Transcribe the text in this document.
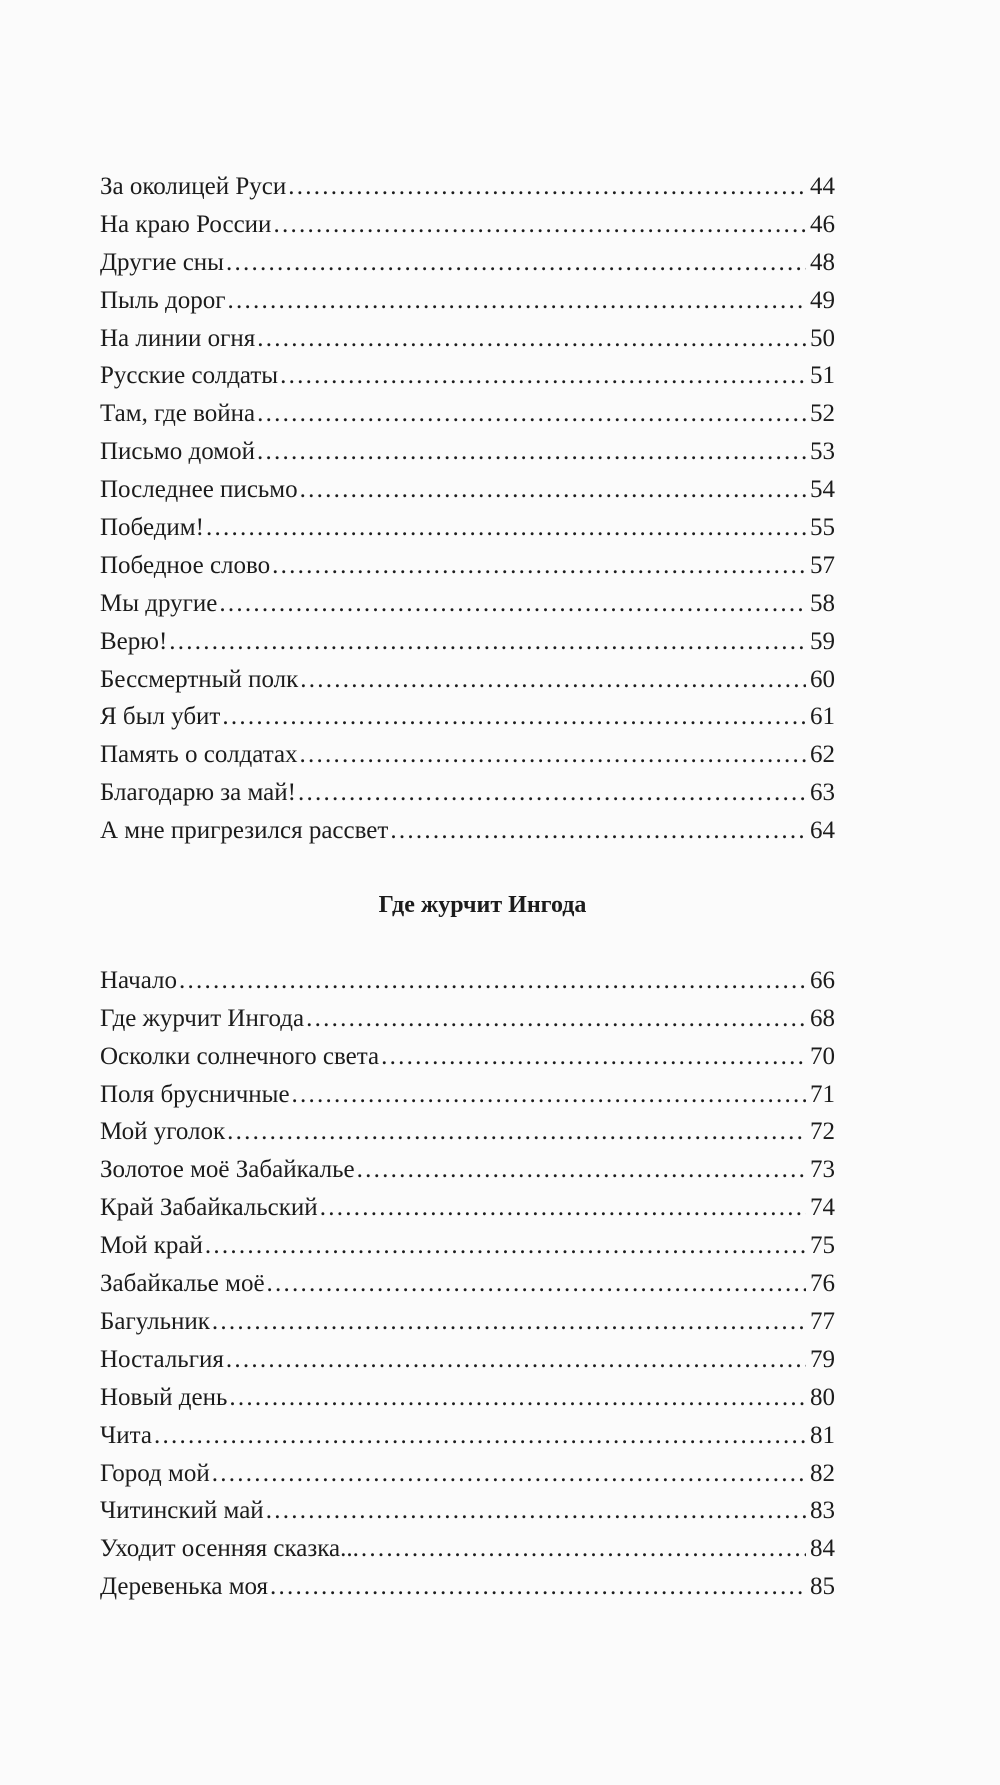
За околицей Руси . . .	44
На краю России . . .	46
Другие сны . . .	48
Пыль дорог . . .	49
На линии огня . . .	50
Русские солдаты . . .	51
Там, где война . . .	52
Письмо домой . . .	53
Последнее письмо . . .	54
Победим! . . .	55
Победное слово . . .	57
Мы другие . . .	58
Верю! . . .	59
Бессмертный полк . . .	60
Я был убит . . .	61
Память о солдатах . . .	62
Благодарю за май! . . .	63
А мне пригрезился рассвет . . .	64
Где журчит Ингода
Начало . . .	66
Где журчит Ингода . . .	68
Осколки солнечного света . . .	70
Поля брусничные . . .	71
Мой уголок . . .	72
Золотое моё Забайкалье . . .	73
Край Забайкальский . . .	74
Мой край . . .	75
Забайкалье моё . . .	76
Багульник . . .	77
Ностальгия . . .	79
Новый день . . .	80
Чита . . .	81
Город мой . . .	82
Читинский май . . .	83
Уходит осенняя сказка... . . .	84
Деревенька моя . . .	85
